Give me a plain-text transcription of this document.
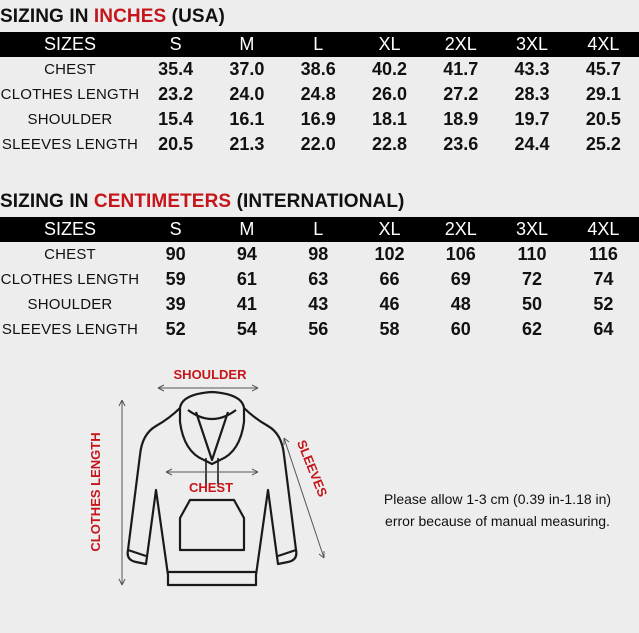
SIZING IN INCHES (USA)
SIZES	S	M	L	XL	2XL	3XL	4XL
CHEST	35.4	37.0	38.6	40.2	41.7	43.3	45.7
CLOTHES LENGTH	23.2	24.0	24.8	26.0	27.2	28.3	29.1
SHOULDER	15.4	16.1	16.9	18.1	18.9	19.7	20.5
SLEEVES LENGTH	20.5	21.3	22.0	22.8	23.6	24.4	25.2
SIZING IN CENTIMETERS (INTERNATIONAL)
SIZES	S	M	L	XL	2XL	3XL	4XL
CHEST	90	94	98	102	106	110	116
CLOTHES LENGTH	59	61	63	66	69	72	74
SHOULDER	39	41	43	46	48	50	52
SLEEVES LENGTH	52	54	56	58	60	62	64
SHOULDER
CLOTHES LENGTH	CHEST	SLEEVES
Please allow 1-3 cm (0.39 in-1.18 in)
error because of manual measuring.
